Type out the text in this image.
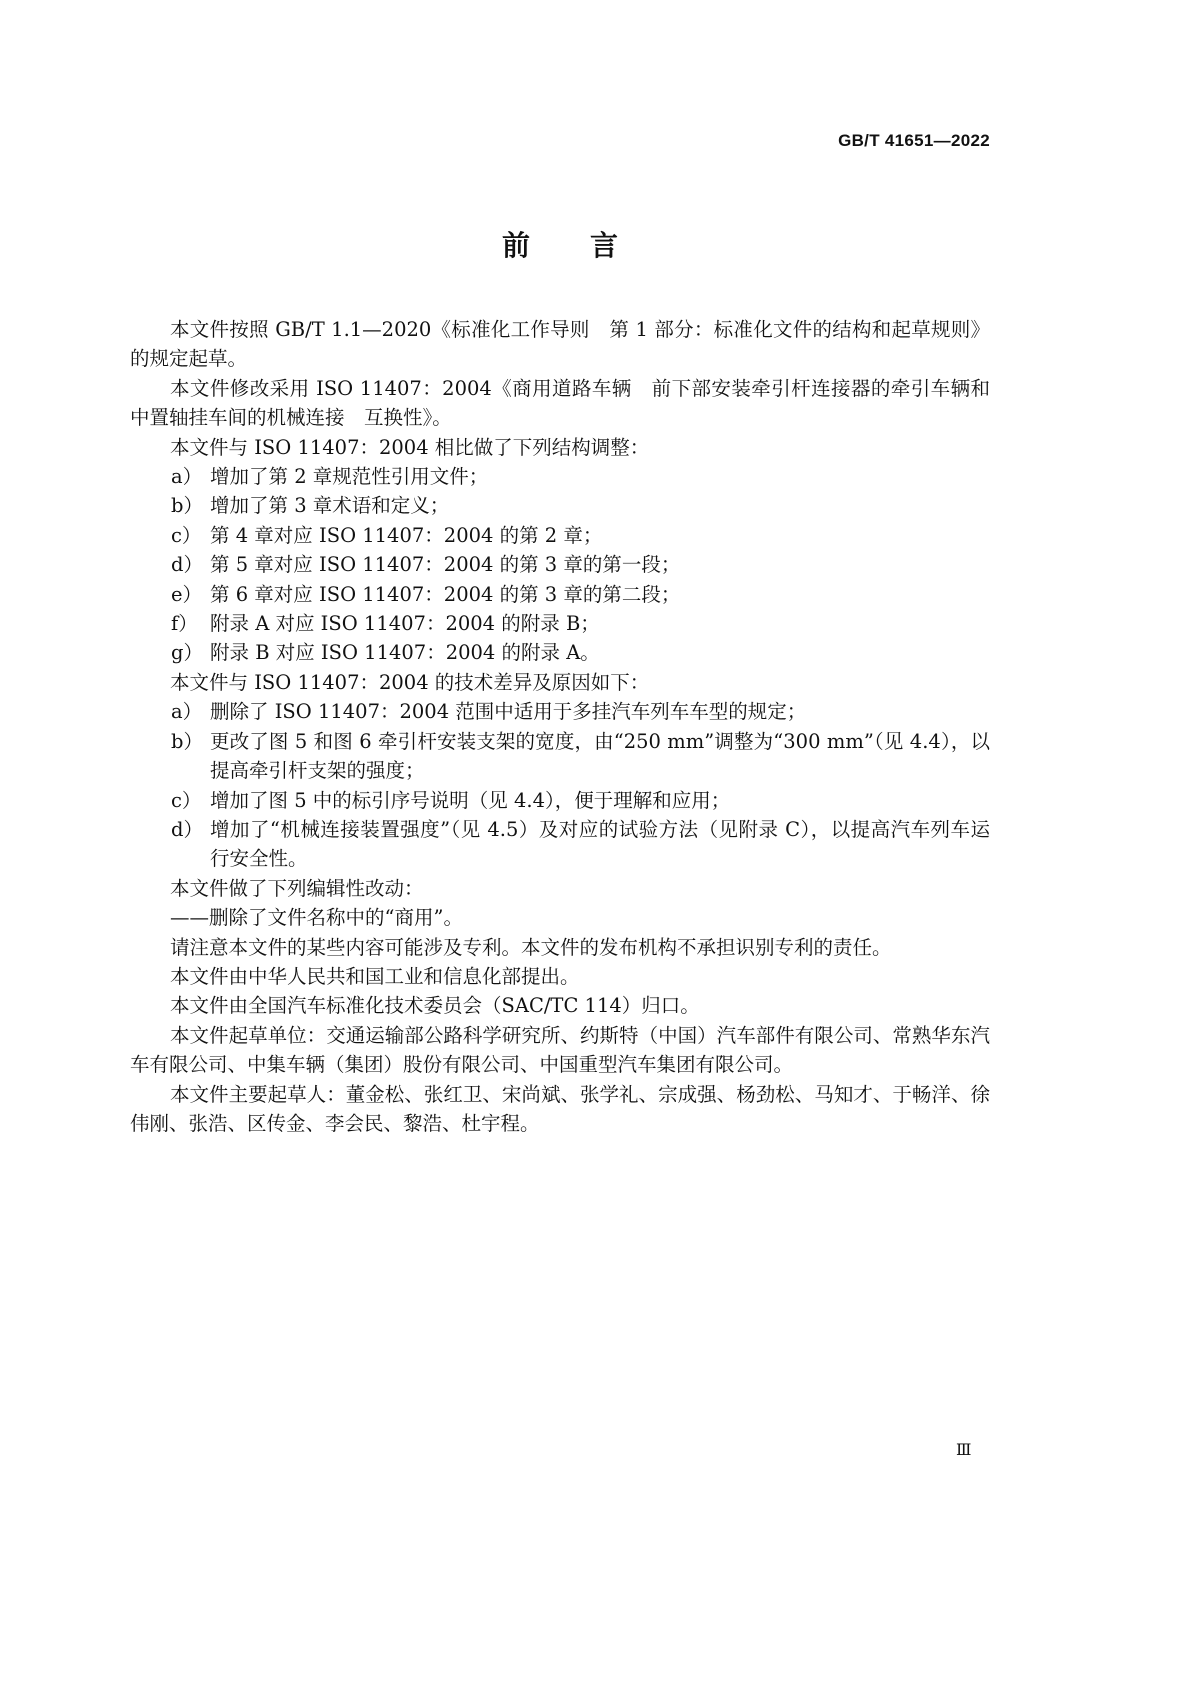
GB/T 41651—2022
前　言

本文件按照 GB/T 1.1—2020《标准化工作导则　第 1 部分：标准化文件的结构和起草规则》的规定起草。

本文件修改采用 ISO 11407：2004《商用道路车辆　前下部安装牵引杆连接器的牵引车辆和中置轴挂车间的机械连接　互换性》。

本文件与 ISO 11407：2004 相比做了下列结构调整：

a） 增加了第 2 章规范性引用文件；
b） 增加了第 3 章术语和定义；
c） 第 4 章对应 ISO 11407：2004 的第 2 章；
d） 第 5 章对应 ISO 11407：2004 的第 3 章的第一段；
e） 第 6 章对应 ISO 11407：2004 的第 3 章的第二段；
f） 附录 A 对应 ISO 11407：2004 的附录 B；
g） 附录 B 对应 ISO 11407：2004 的附录 A。

本文件与 ISO 11407：2004 的技术差异及原因如下：

a） 删除了 ISO 11407：2004 范围中适用于多挂汽车列车车型的规定；
b） 更改了图 5 和图 6 牵引杆安装支架的宽度，由“250 mm”调整为“300 mm”（见 4.4），以提高牵引杆支架的强度；
c） 增加了图 5 中的标引序号说明（见 4.4），便于理解和应用；
d） 增加了“机械连接装置强度”（见 4.5）及对应的试验方法（见附录 C），以提高汽车列车运行安全性。

本文件做了下列编辑性改动：

——删除了文件名称中的“商用”。

请注意本文件的某些内容可能涉及专利。本文件的发布机构不承担识别专利的责任。

本文件由中华人民共和国工业和信息化部提出。

本文件由全国汽车标准化技术委员会（SAC/TC 114）归口。

本文件起草单位：交通运输部公路科学研究所、约斯特（中国）汽车部件有限公司、常熟华东汽车有限公司、中集车辆（集团）股份有限公司、中国重型汽车集团有限公司。

本文件主要起草人：董金松、张红卫、宋尚斌、张学礼、宗成强、杨劲松、马知才、于畅洋、徐伟刚、张浩、区传金、李会民、黎浩、杜宇程。

Ⅲ
